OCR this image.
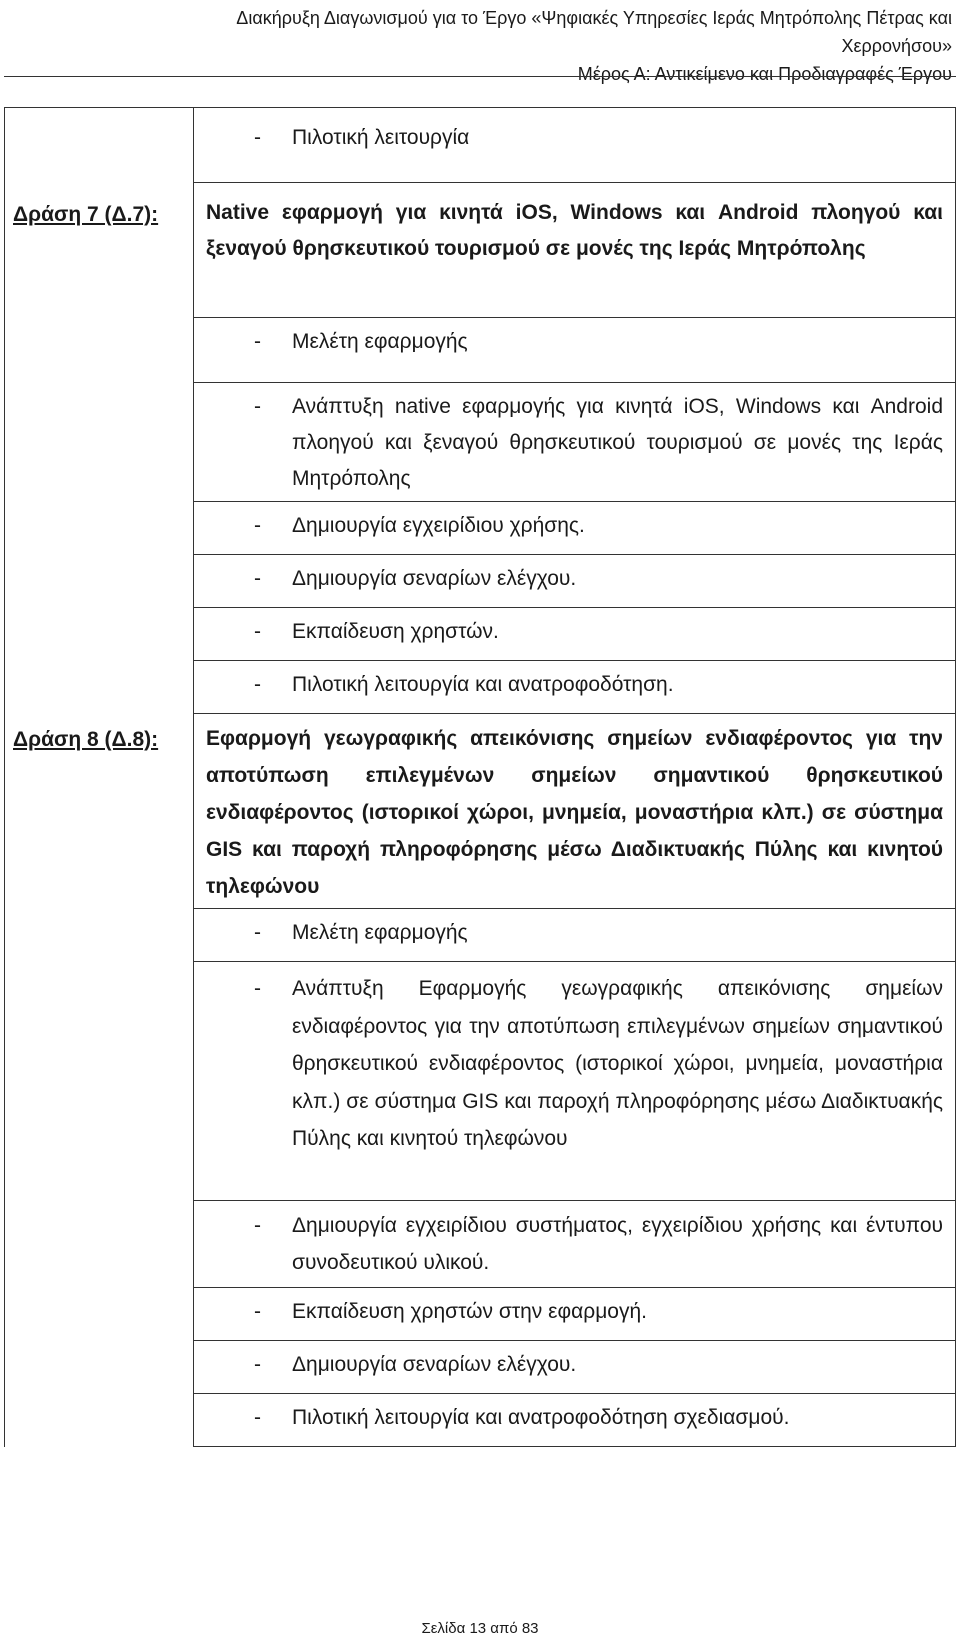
Διακήρυξη Διαγωνισμού για το Έργο «Ψηφιακές Υπηρεσίες Ιεράς Μητρόπολης Πέτρας και
Χερρονήσου»
Μέρος Α: Αντικείμενο και Προδιαγραφές Έργου

	- Πιλοτική λειτουργία

Δράση 7 (Δ.7):	Native εφαρμογή για κινητά iOS, Windows και Android πλοηγού και ξεναγού θρησκευτικού τουρισμού σε μονές της Ιεράς Μητρόπολης

	- Μελέτη εφαρμογής

	- Ανάπτυξη native εφαρμογής για κινητά iOS, Windows και Android πλοηγού και ξεναγού θρησκευτικού τουρισμού σε μονές της Ιεράς Μητρόπολης

	- Δημιουργία εγχειρίδιου χρήσης.

	- Δημιουργία σεναρίων ελέγχου.

	- Εκπαίδευση χρηστών.

	- Πιλοτική λειτουργία και ανατροφοδότηση.

Δράση 8 (Δ.8):	Εφαρμογή γεωγραφικής απεικόνισης σημείων ενδιαφέροντος για την αποτύπωση επιλεγμένων σημείων σημαντικού θρησκευτικού ενδιαφέροντος (ιστορικοί χώροι, μνημεία, μοναστήρια κλπ.) σε σύστημα GIS και παροχή πληροφόρησης μέσω Διαδικτυακής Πύλης και κινητού τηλεφώνου

	- Μελέτη εφαρμογής

	- Ανάπτυξη Εφαρμογής γεωγραφικής απεικόνισης σημείων ενδιαφέροντος για την αποτύπωση επιλεγμένων σημείων σημαντικού θρησκευτικού ενδιαφέροντος (ιστορικοί χώροι, μνημεία, μοναστήρια κλπ.) σε σύστημα GIS και παροχή πληροφόρησης μέσω Διαδικτυακής Πύλης και κινητού τηλεφώνου

	- Δημιουργία εγχειρίδιου συστήματος, εγχειρίδιου χρήσης και έντυπου συνοδευτικού υλικού.

	- Εκπαίδευση χρηστών στην εφαρμογή.

	- Δημιουργία σεναρίων ελέγχου.

	- Πιλοτική λειτουργία και ανατροφοδότηση σχεδιασμού.
Σελίδα 13 από 83
